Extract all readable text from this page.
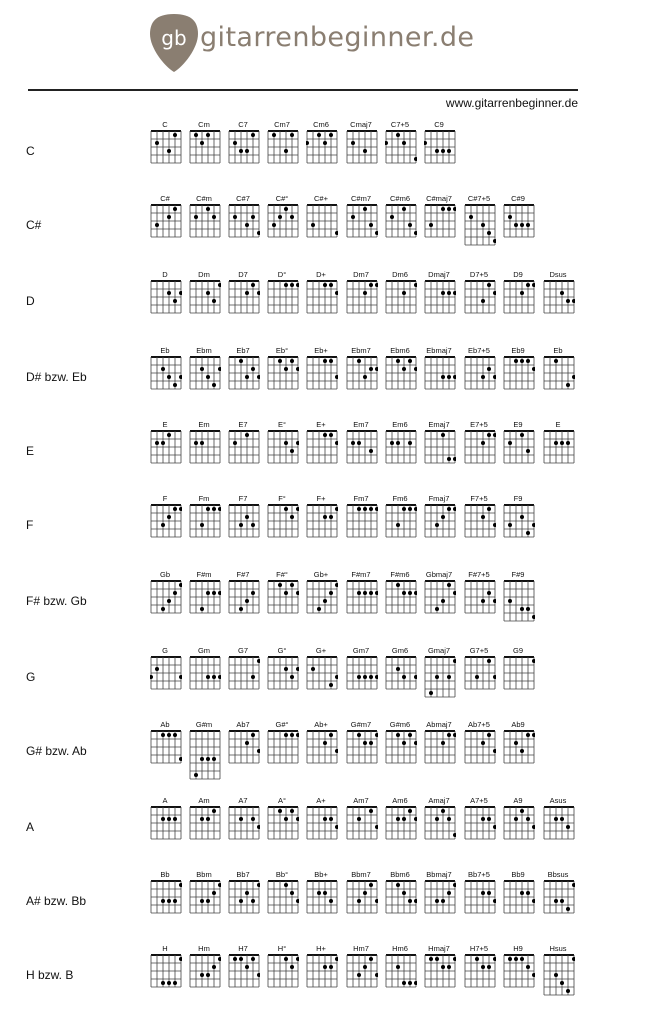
gb gitarrenbeginner.de
www.gitarrenbeginner.de
C
C	Cm	C7	Cm7	Cm6	Cmaj7	C7+5	C9
C#
C#	C#m	C#7	C#°	C#+	C#m7	C#m6	C#maj7	C#7+5	C#9
D
D	Dm	D7	D°	D+	Dm7	Dm6	Dmaj7	D7+5	D9	Dsus
D# bzw. Eb
Eb	Ebm	Eb7	Eb°	Eb+	Ebm7	Ebm6	Ebmaj7	Eb7+5	Eb9	Eb
E
E	Em	E7	E°	E+	Em7	Em6	Emaj7	E7+5	E9	E
F
F	Fm	F7	F°	F+	Fm7	Fm6	Fmaj7	F7+5	F9
F# bzw. Gb
Gb	F#m	F#7	F#°	Gb+	F#m7	F#m6	Gbmaj7	F#7+5	F#9
G
G	Gm	G7	G°	G+	Gm7	Gm6	Gmaj7	G7+5	G9
G# bzw. Ab
Ab	G#m	Ab7	G#°	Ab+	G#m7	G#m6	Abmaj7	Ab7+5	Ab9
A
A	Am	A7	A°	A+	Am7	Am6	Amaj7	A7+5	A9	Asus
A# bzw. Bb
Bb	Bbm	Bb7	Bb°	Bb+	Bbm7	Bbm6	Bbmaj7	Bb7+5	Bb9	Bbsus
H bzw. B
H	Hm	H7	H°	H+	Hm7	Hm6	Hmaj7	H7+5	H9	Hsus
